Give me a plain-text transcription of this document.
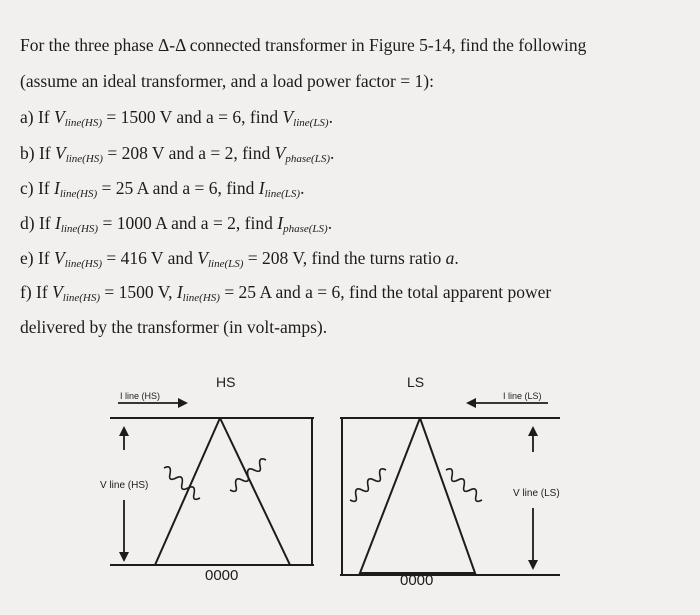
For the three phase Δ-Δ connected transformer in Figure 5-14, find the following
(assume an ideal transformer, and a load power factor = 1):
a) If $V_{line(HS)} = 1500$ V and a = 6, find $V_{line(LS)}$.
b) If $V_{line(HS)} = 208$ V and a = 2, find $V_{phase(LS)}$.
c) If $I_{line(HS)} = 25$ A and a = 6, find $I_{line(LS)}$.
d) If $I_{line(HS)} = 1000$ A and a = 2, find $I_{phase(LS)}$.
e) If $V_{line(HS)} = 416$ V and $V_{line(LS)} = 208$ V, find the turns ratio a.
f) If $V_{line(HS)} = 1500$ V, $I_{line(HS)} = 25$ A and a = 6, find the total apparent power
delivered by the transformer (in volt-amps).
HS	LS
0000
I line (HS)
V line (HS)
0000
I line (LS)
V line (LS)
